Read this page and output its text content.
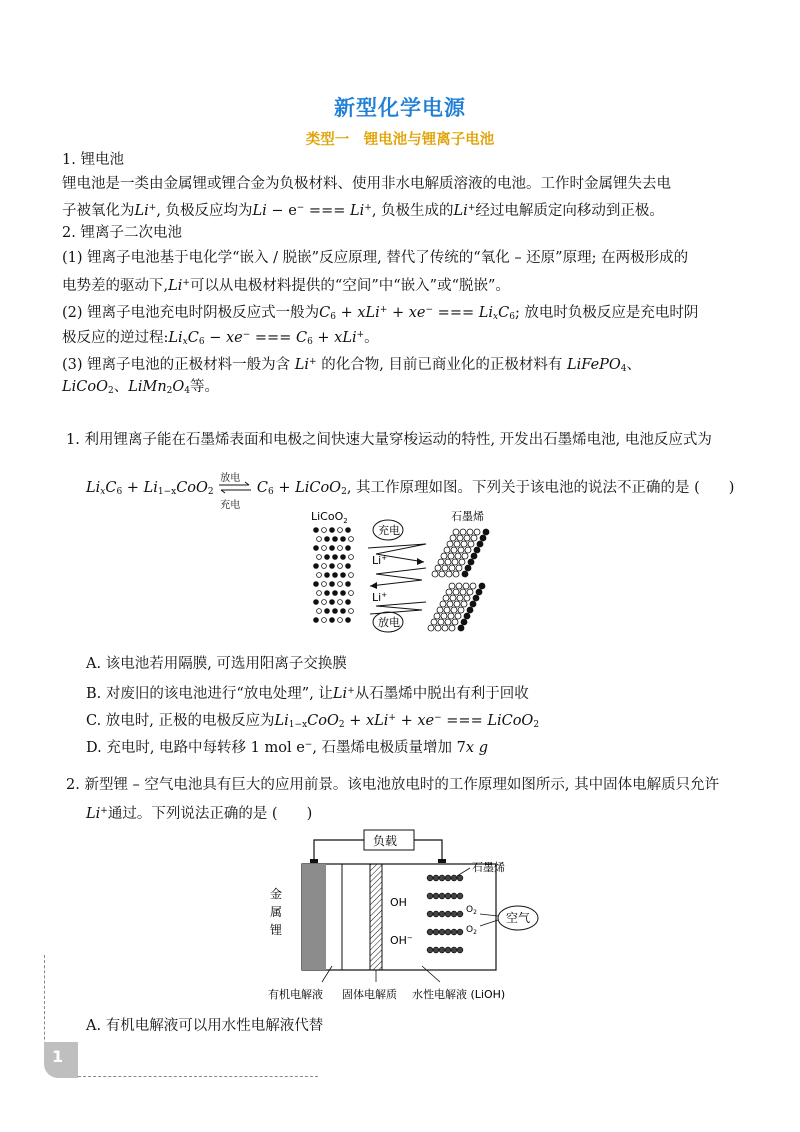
新型化学电源
类型一　锂电池与锂离子电池
1. 锂电池
锂电池是一类由金属锂或锂合金为负极材料、使用非水电解质溶液的电池。工作时金属锂失去电
子被氧化为Li+, 负极反应均为Li − e− === Li+, 负极生成的Li+经过电解质定向移动到正极。
2. 锂离子二次电池
(1) 锂离子电池基于电化学“嵌入 / 脱嵌”反应原理, 替代了传统的“氧化 – 还原”原理; 在两极形成的
电势差的驱动下,Li+可以从电极材料提供的“空间”中“嵌入”或“脱嵌”。
(2) 锂离子电池充电时阴极反应式一般为$C_6 + xLi^+ + xe^-$ === $Li_xC_6$; 放电时负极反应是充电时阴
极反应的逆过程$:Li_xC_6 - xe^-$ === $C_6 + xLi^+$。
(3) 锂离子电池的正极材料一般为含 Li+ 的化合物, 目前已商业化的正极材料有 LiFePO$_4$、
LiCoO$_2$、$LiMn_2O_4$等。
1. 利用锂离子能在石墨烯表面和电极之间快速大量穿梭运动的特性, 开发出石墨烯电池, 电池反应式为
$Li_xC_6 + Li_{1-x}CoO_2$
放电
充电
$C_6$ + LiCoO$_2$, 其工作原理如图。下列关于该电池的说法不正确的是 (　　)
LiCoO$_2$	石墨烯
充电
放电
Li+
Li+
A. 该电池若用隔膜, 可选用阳离子交换膜
B. 对废旧的该电池进行“放电处理”, 让Li+从石墨烯中脱出有利于回收
C. 放电时, 正极的电极反应为$Li_{1-x}CoO_2 + xLi^+ + xe^-$ === LiCoO$_2$
D. 充电时, 电路中每转移 1 mol e−, 石墨烯电极质量增加 7x g
2. 新型锂 – 空气电池具有巨大的应用前景。该电池放电时的工作原理如图所示, 其中固体电解质只允许
Li+通过。下列说法正确的是 (　　)
负载
金
属
锂
OH
OH−
石墨烯
$O_2$
$O_2$
空气
有机电解液 固体电解质 水性电解液 (LiOH)
A. 有机电解液可以用水性电解液代替
1
